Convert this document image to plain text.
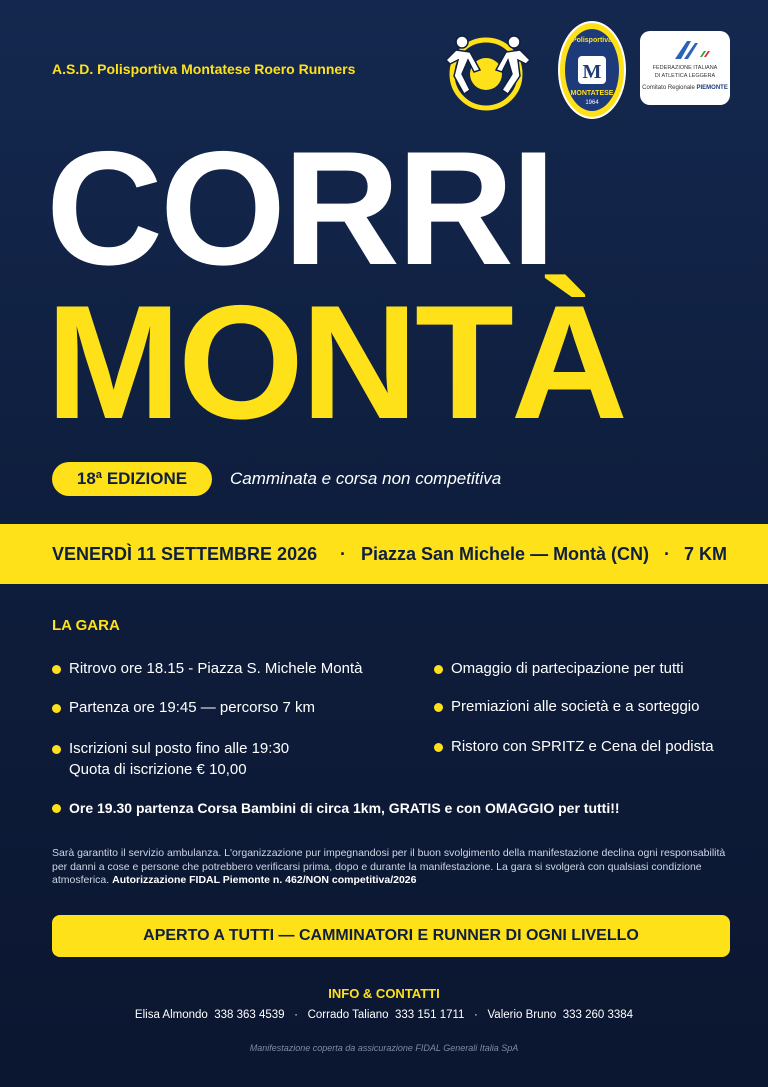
A.S.D. Polisportiva Montatese Roero Runners	M
Polisportiva
MONTATESE
1964
FEDERAZIONE ITALIANA
DI ATLETICA LEGGERA
Comitato Regionale PIEMONTE
CORRI
MONTÀ
18ª EDIZIONE	Camminata e corsa non competitiva
VENERDÌ 11 SETTEMBRE 2026 · Piazza San Michele — Montà (CN) · 7 KM
LA GARA
Ritrovo ore 18.15 - Piazza S. Michele Montà
Partenza ore 19:45 — percorso 7 km
Iscrizioni sul posto fino alle 19:30
Quota di iscrizione € 10,00
Omaggio di partecipazione per tutti
Premiazioni alle società e a sorteggio
Ristoro con SPRITZ e Cena del podista
Ore 19.30 partenza Corsa Bambini di circa 1km, GRATIS e con OMAGGIO per tutti!!
Sarà garantito il servizio ambulanza. L'organizzazione pur impegnandosi per il buon svolgimento della manifestazione declina ogni responsabilità per danni a cose e persone che potrebbero verificarsi prima, dopo e durante la manifestazione. La gara si svolgerà con qualsiasi condizione atmosferica. Autorizzazione FIDAL Piemonte n. 462/NON competitiva/2026
APERTO A TUTTI — CAMMINATORI E RUNNER DI OGNI LIVELLO
INFO & CONTATTI
Elisa Almondo 338 363 4539 · Corrado Taliano 333 151 1711 · Valerio Bruno 333 260 3384
Manifestazione coperta da assicurazione FIDAL Generali Italia SpA
